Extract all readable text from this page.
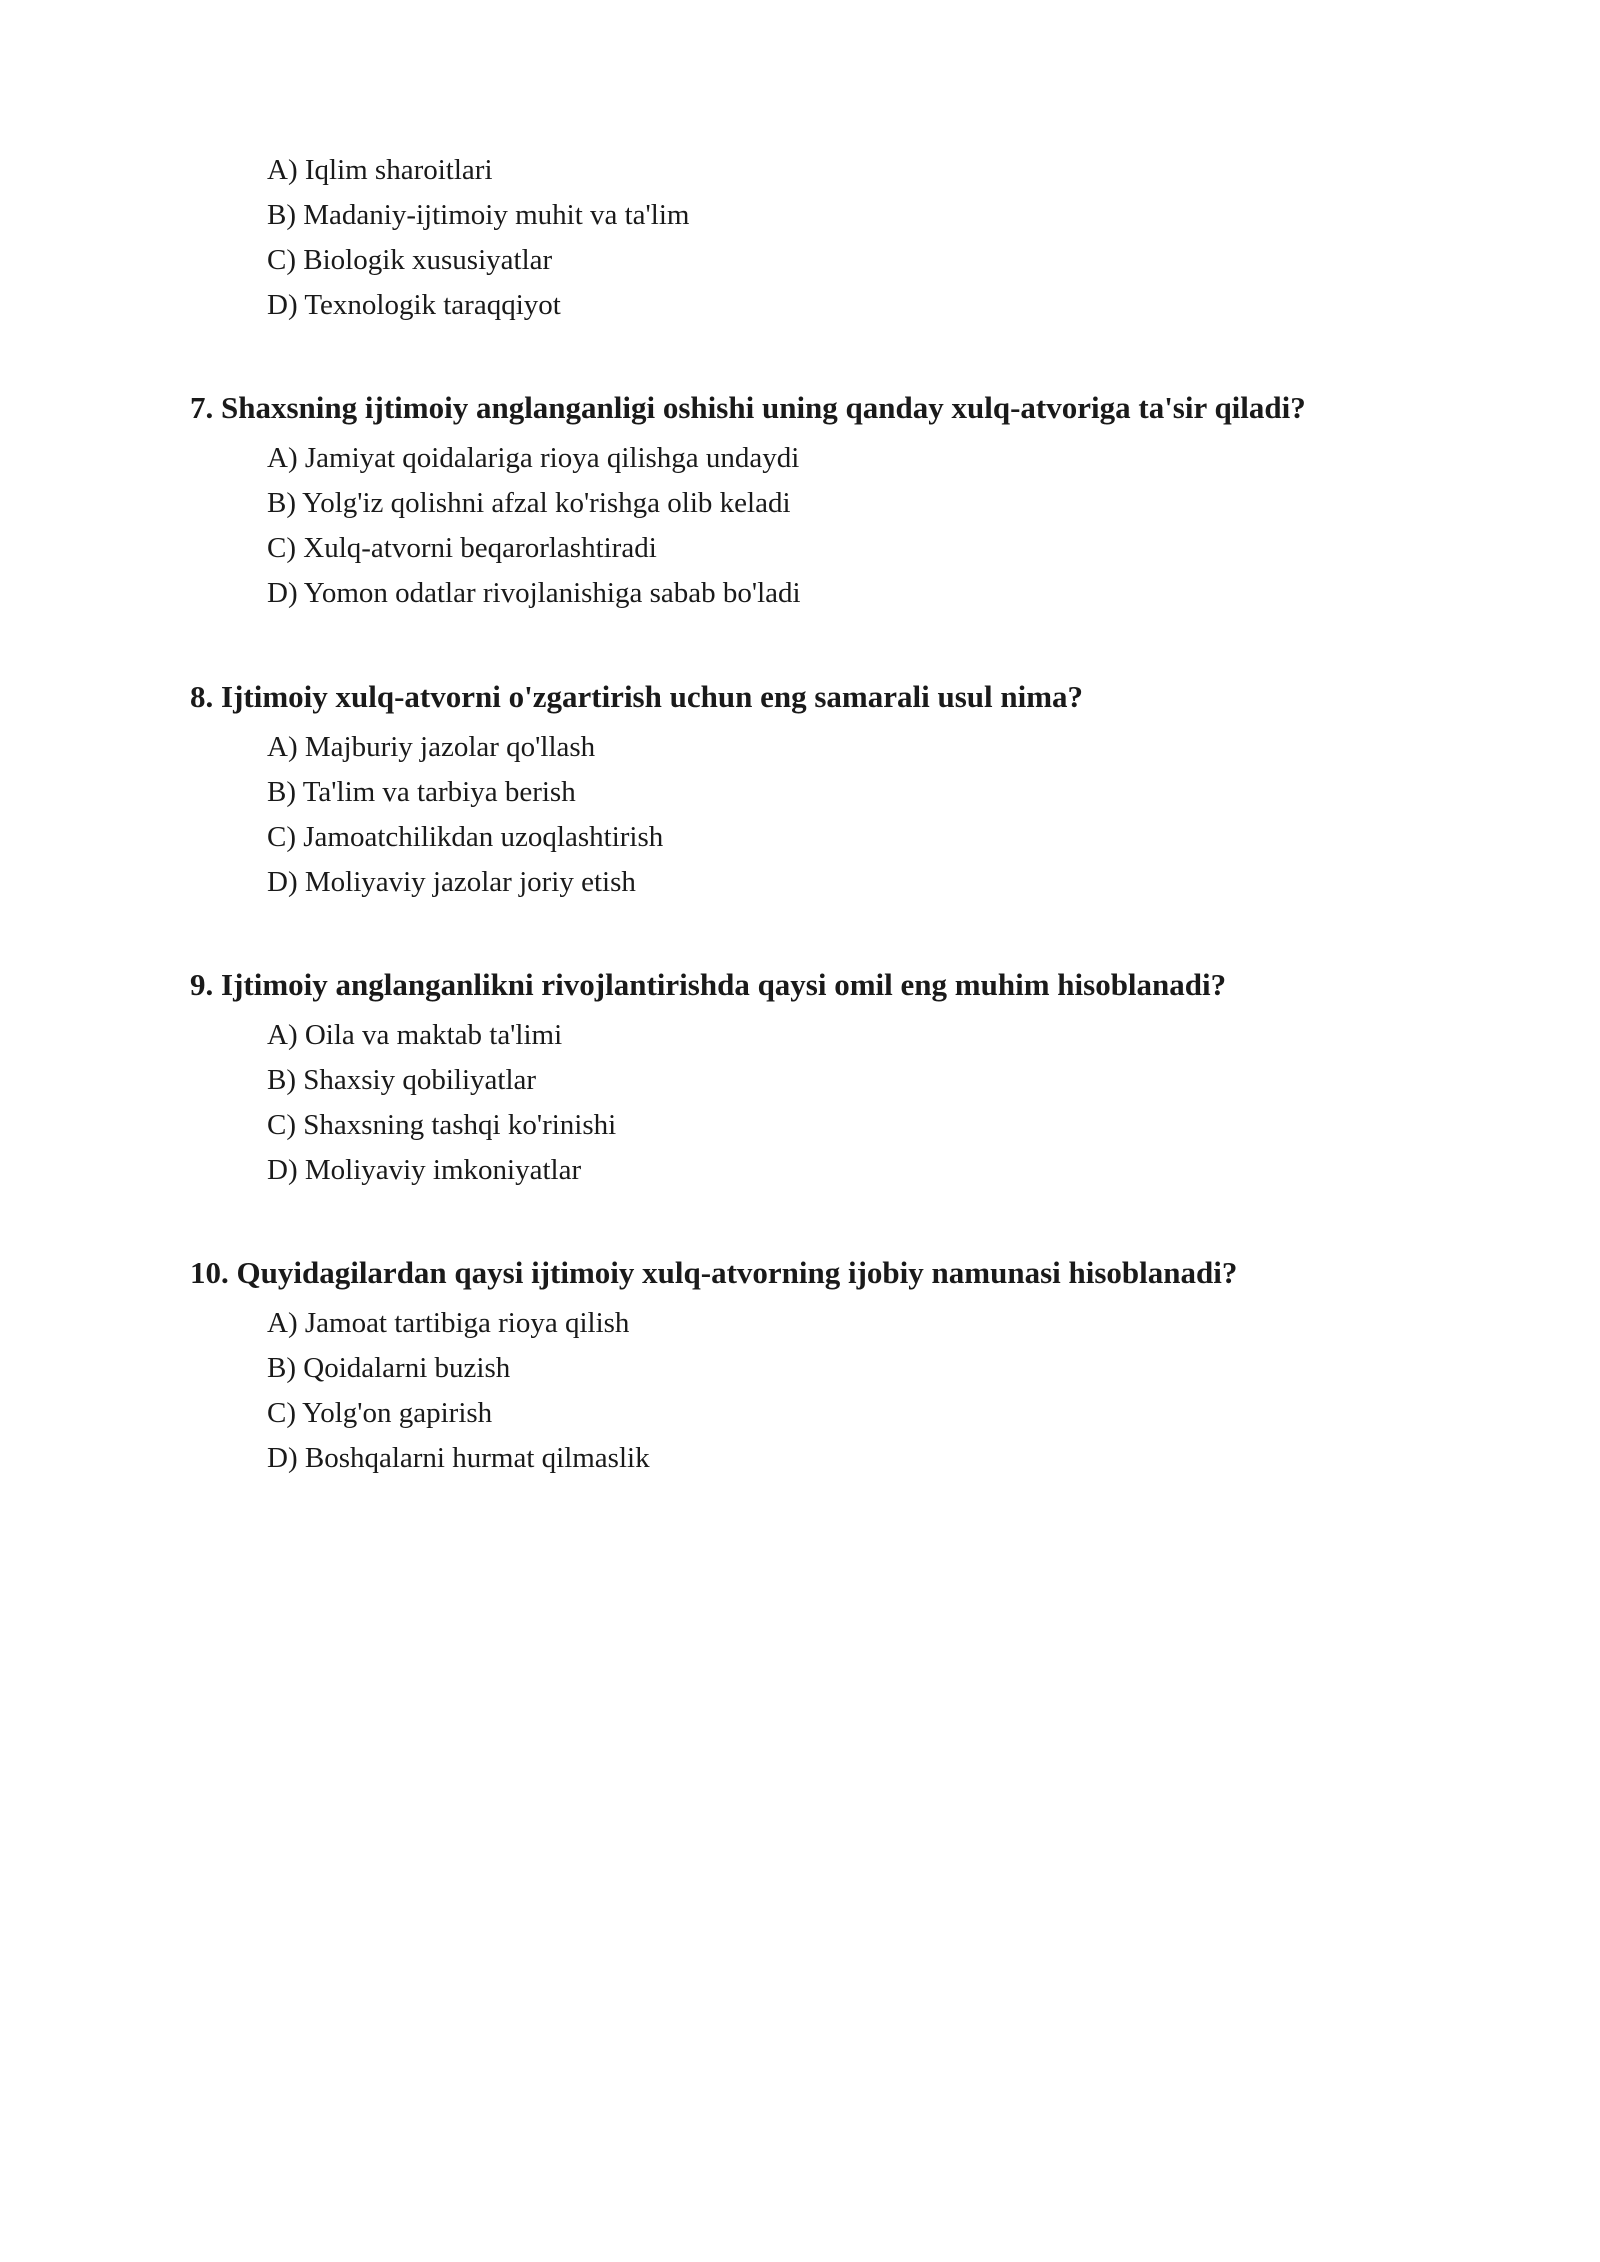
A) Iqlim sharoitlari

B) Madaniy-ijtimoiy muhit va ta'lim

C) Biologik xususiyatlar

D) Texnologik taraqqiyot

7. Shaxsning ijtimoiy anglanganligi oshishi uning qanday xulq-atvoriga ta'sir qiladi?

A) Jamiyat qoidalariga rioya qilishga undaydi

B) Yolg'iz qolishni afzal ko'rishga olib keladi

C) Xulq-atvorni beqarorlashtiradi

D) Yomon odatlar rivojlanishiga sabab bo'ladi

8. Ijtimoiy xulq-atvorni o'zgartirish uchun eng samarali usul nima?

A) Majburiy jazolar qo'llash

B) Ta'lim va tarbiya berish

C) Jamoatchilikdan uzoqlashtirish

D) Moliyaviy jazolar joriy etish

9. Ijtimoiy anglanganlikni rivojlantirishda qaysi omil eng muhim hisoblanadi?

A) Oila va maktab ta'limi

B) Shaxsiy qobiliyatlar

C) Shaxsning tashqi ko'rinishi

D) Moliyaviy imkoniyatlar

10. Quyidagilardan qaysi ijtimoiy xulq-atvorning ijobiy namunasi hisoblanadi?

A) Jamoat tartibiga rioya qilish

B) Qoidalarni buzish

C) Yolg'on gapirish

D) Boshqalarni hurmat qilmaslik
